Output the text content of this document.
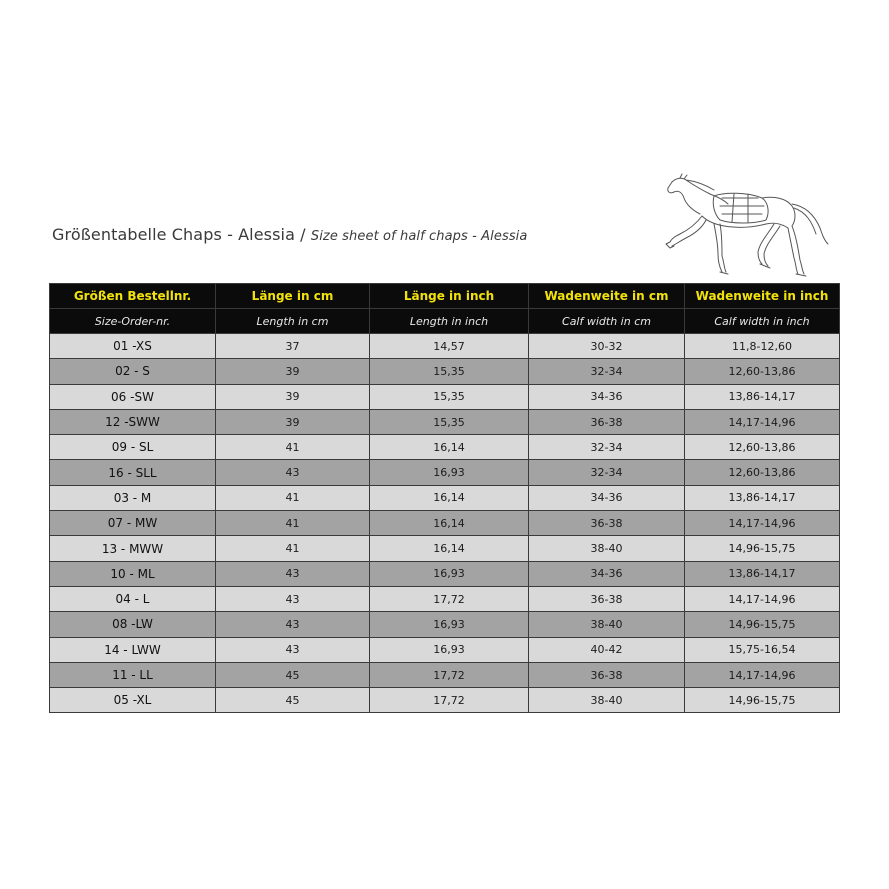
Größentabelle Chaps - Alessia / Size sheet of half chaps - Alessia
Größen Bestellnr.	Länge in cm	Länge in inch	Wadenweite in cm	Wadenweite in inch
Size-Order-nr.	Length in cm	Length in inch	Calf width in cm	Calf width in inch
01 -XS	37	14,57	30-32	11,8-12,60
02 - S	39	15,35	32-34	12,60-13,86
06 -SW	39	15,35	34-36	13,86-14,17
12 -SWW	39	15,35	36-38	14,17-14,96
09 - SL	41	16,14	32-34	12,60-13,86
16 - SLL	43	16,93	32-34	12,60-13,86
03 - M	41	16,14	34-36	13,86-14,17
07 - MW	41	16,14	36-38	14,17-14,96
13 - MWW	41	16,14	38-40	14,96-15,75
10 - ML	43	16,93	34-36	13,86-14,17
04 - L	43	17,72	36-38	14,17-14,96
08 -LW	43	16,93	38-40	14,96-15,75
14 - LWW	43	16,93	40-42	15,75-16,54
11 - LL	45	17,72	36-38	14,17-14,96
05 -XL	45	17,72	38-40	14,96-15,75
